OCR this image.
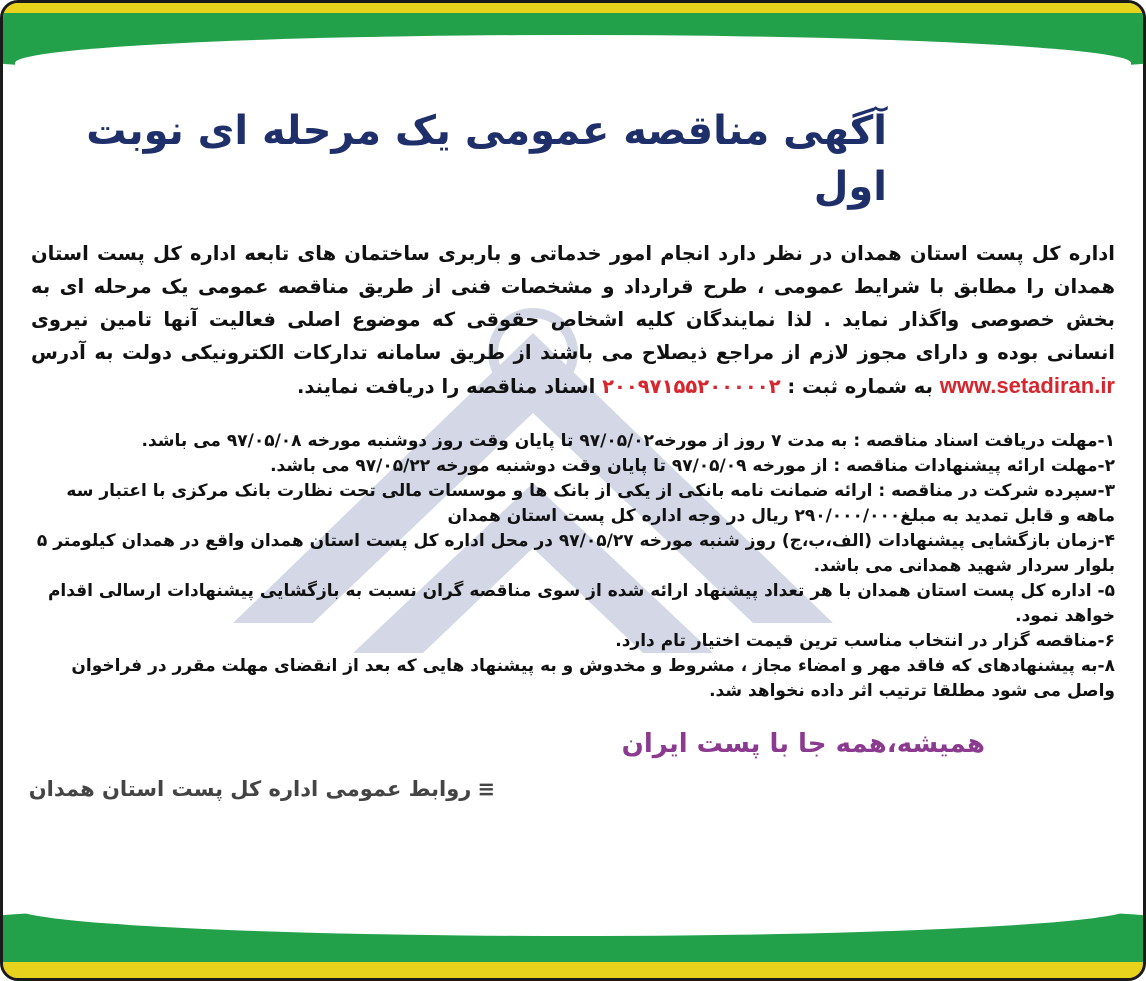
آگهی مناقصه عمومی یک مرحله ای نوبت اول

اداره کل پست استان همدان در نظر دارد انجام امور خدماتی و باربری ساختمان های تابعه اداره کل پست استان همدان را مطابق با شرایط عمومی ، طرح قرارداد و مشخصات فنی از طریق مناقصه عمومی یک مرحله ای به بخش خصوصی واگذار نماید . لذا نمایندگان کلیه اشخاص حقوقی که موضوع اصلی فعالیت آنها تامین نیروی انسانی بوده و دارای مجوز لازم از مراجع ذیصلاح می باشند از طریق سامانه تدارکات الکترونیکی دولت به آدرس www.setadiran.ir به شماره ثبت : ۲۰۰۹۷۱۵۵۲۰۰۰۰۰۲ اسناد مناقصه را دریافت نمایند.

۱-مهلت دریافت اسناد مناقصه : به مدت ۷ روز از مورخه۹۷/۰۵/۰۲ تا پایان وقت روز دوشنبه مورخه ۹۷/۰۵/۰۸ می باشد.
۲-مهلت ارائه پیشنهادات مناقصه : از مورخه ۹۷/۰۵/۰۹ تا پایان وقت دوشنبه مورخه ۹۷/۰۵/۲۲ می باشد.
۳-سپرده شرکت در مناقصه : ارائه ضمانت نامه بانکی از یکی از بانک ها و موسسات مالی تحت نظارت بانک مرکزی با اعتبار سه ماهه و قابل تمدید به مبلغ۲۹۰/۰۰۰/۰۰۰ ریال در وجه اداره کل پست استان همدان
۴-زمان بازگشایی پیشنهادات (الف،ب،ج) روز شنبه مورخه ۹۷/۰۵/۲۷ در محل اداره کل پست استان همدان واقع در همدان کیلومتر ۵ بلوار سردار شهید همدانی می باشد.
۵- اداره کل پست استان همدان با هر تعداد پیشنهاد ارائه شده از سوی مناقصه گران نسبت به بازگشایی پیشنهادات ارسالی اقدام خواهد نمود.
۶-مناقصه گزار در انتخاب مناسب ترین قیمت اختیار تام دارد.
۸-به پیشنهادهای که فاقد مهر و امضاء مجاز ، مشروط و مخدوش و به پیشنهاد هایی که بعد از انقضای مهلت مقرر در فراخوان واصل می شود مطلقا ترتیب اثر داده نخواهد شد.
همیشه،همه جا با پست ایران
≡روابط عمومی اداره کل پست استان همدان
